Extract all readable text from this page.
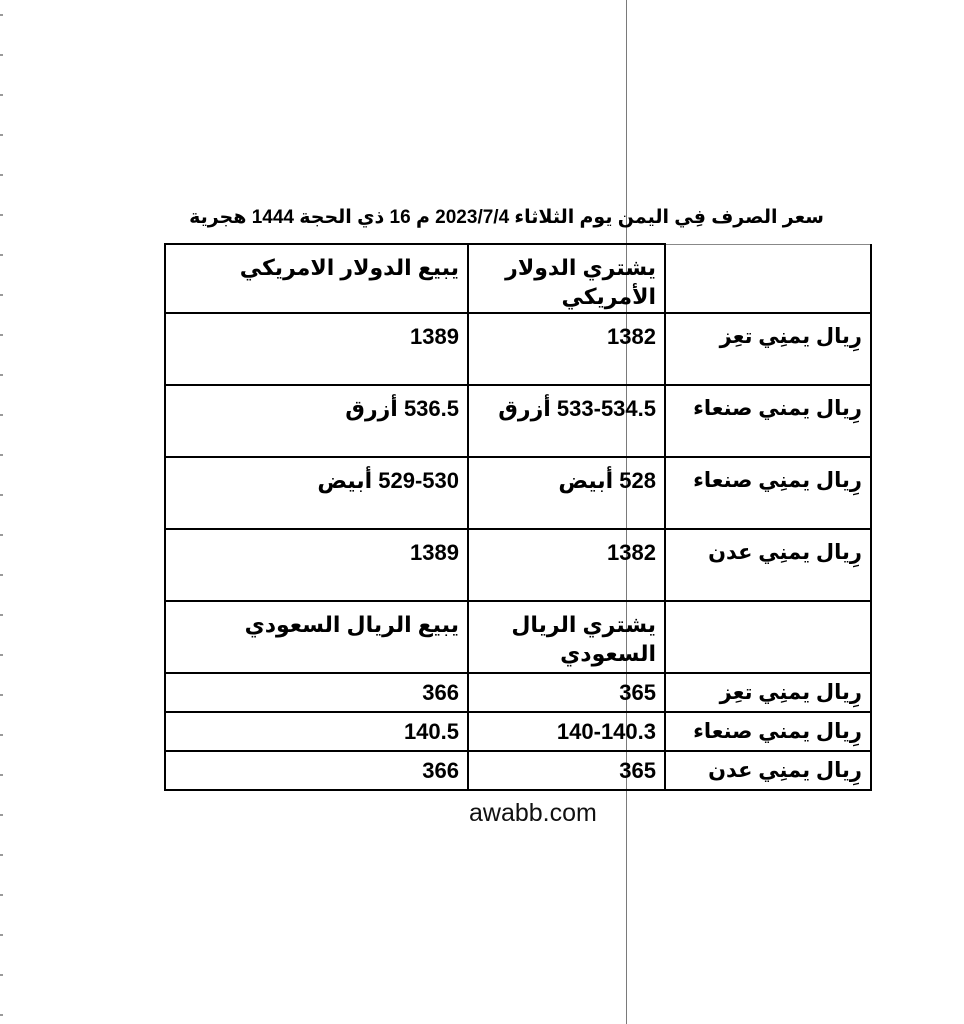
سعر الصرف فِي اليمن يوم الثلاثاء 2023/7/4 م 16 ذي الحجة 1444 هجرية
	يشتري الدولار الأمريكي	يبيع الدولار الامريكي
رِيال يمنِي تعِز	1382	1389
رِيال يمني صنعاء	533-534.5 أزرق	536.5 أزرق
رِيال يمنِي صنعاء	528 أبيض	529-530 أبيض
رِيال يمنِي عدن	1382	1389
	يشتري الريال السعودي	يبيع الريال السعودي
رِيال يمنِي تعِز	365	366
رِيال يمني صنعاء	140-140.3	140.5
رِيال يمنِي عدن	365	366
awabb.com
